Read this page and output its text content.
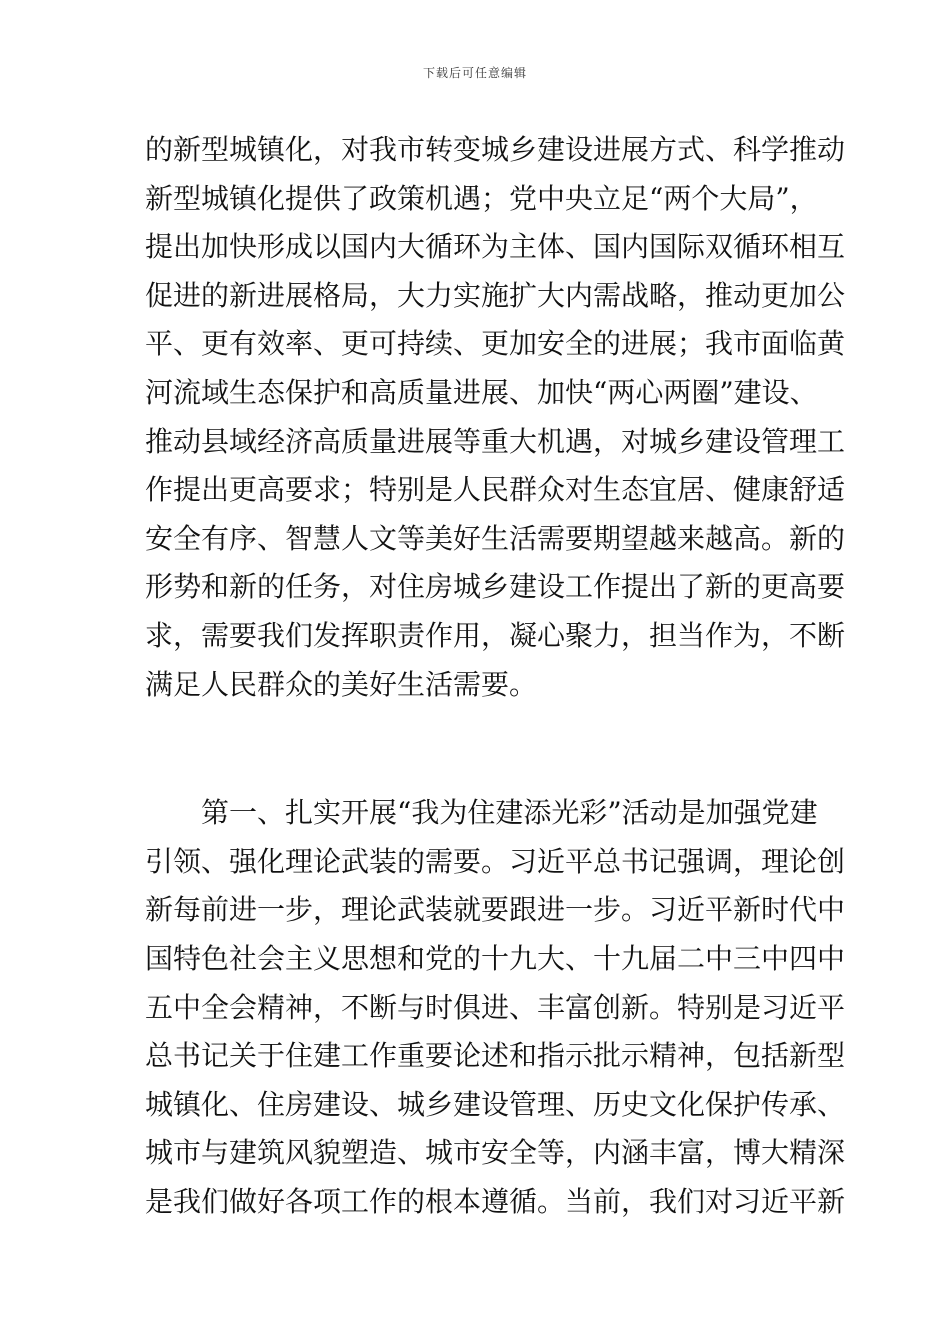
下载后可任意编辑
的新型城镇化，对我市转变城乡建设进展方式、科学推动
新型城镇化提供了政策机遇；党中央立足“两个大局”，
提出加快形成以国内大循环为主体、国内国际双循环相互
促进的新进展格局，大力实施扩大内需战略，推动更加公
平、更有效率、更可持续、更加安全的进展；我市面临黄
河流域生态保护和高质量进展、加快“两心两圈”建设、
推动县域经济高质量进展等重大机遇，对城乡建设管理工
作提出更高要求；特别是人民群众对生态宜居、健康舒适
安全有序、智慧人文等美好生活需要期望越来越高。新的
形势和新的任务，对住房城乡建设工作提出了新的更高要
求，需要我们发挥职责作用，凝心聚力，担当作为，不断
满足人民群众的美好生活需要。
第一、扎实开展“我为住建添光彩”活动是加强党建
引领、强化理论武装的需要。习近平总书记强调，理论创
新每前进一步，理论武装就要跟进一步。习近平新时代中
国特色社会主义思想和党的十九大、十九届二中三中四中
五中全会精神，不断与时俱进、丰富创新。特别是习近平
总书记关于住建工作重要论述和指示批示精神，包括新型
城镇化、住房建设、城乡建设管理、历史文化保护传承、
城市与建筑风貌塑造、城市安全等，内涵丰富，博大精深
是我们做好各项工作的根本遵循。当前，我们对习近平新
